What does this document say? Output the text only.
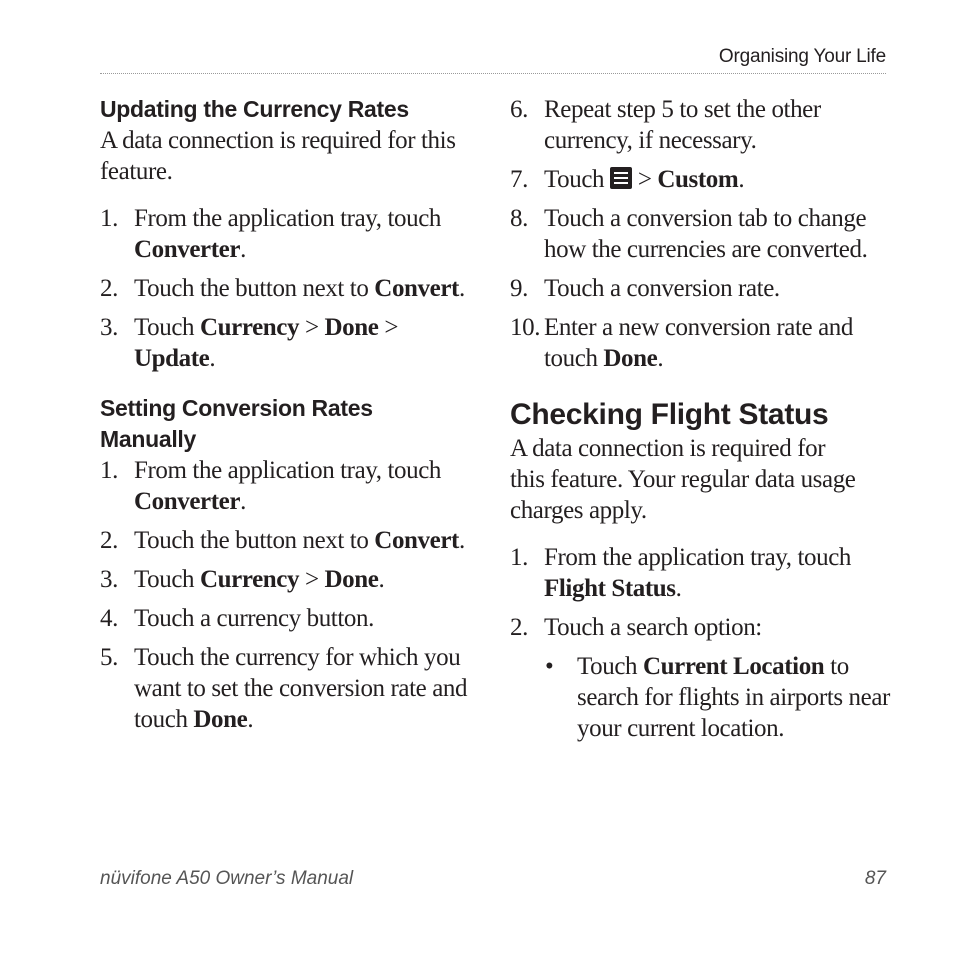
Organising Your Life
Updating the Currency Rates

A data connection is required for this feature.

1. From the application tray, touch Converter.
2. Touch the button next to Convert.
3. Touch Currency > Done > Update.
Setting Conversion Rates Manually
1. From the application tray, touch Converter.
2. Touch the button next to Convert.
3. Touch Currency > Done.
4. Touch a currency button.
5. Touch the currency for which you want to set the conversion rate and touch Done.
6. Repeat step 5 to set the other currency, if necessary.
7. Touch
> Custom.
8. Touch a conversion tab to change how the currencies are converted.
9. Touch a conversion rate.
10. Enter a new conversion rate and touch Done.
Checking Flight Status

A data connection is required for this feature. Your regular data usage charges apply.

1. From the application tray, touch Flight Status.
2. Touch a search option:
• Touch Current Location to search for flights in airports near your current location.
nüvifone A50 Owner’s Manual	87
